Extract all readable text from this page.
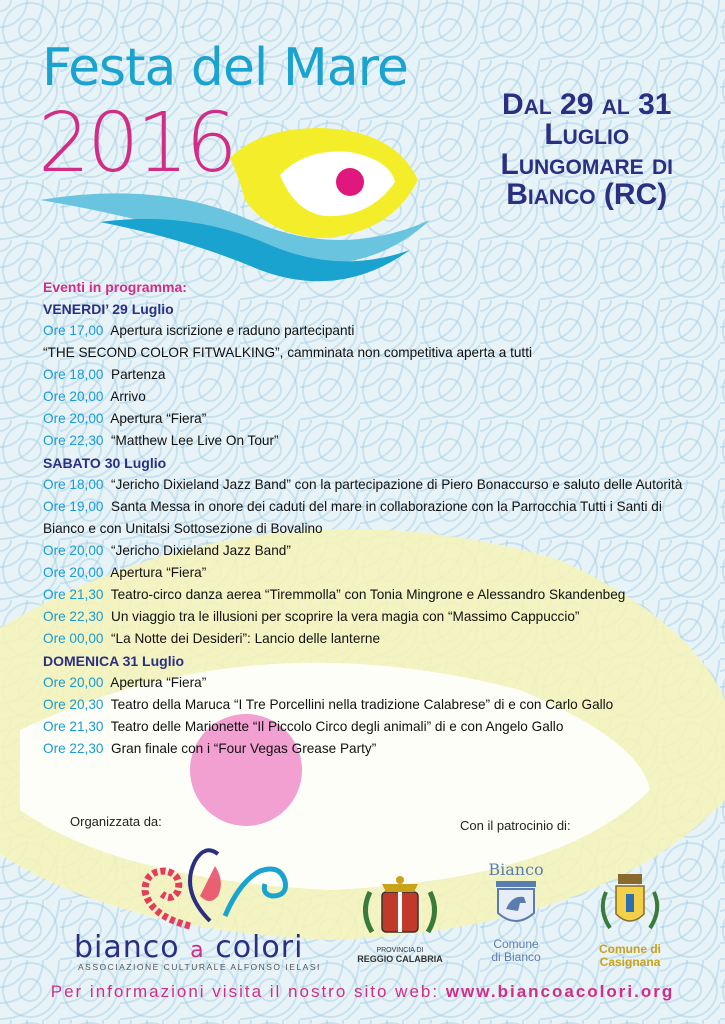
Festa del Mare
2016	Dal 29 al 31
Luglio
Lungomare di
Bianco (RC)
Eventi in programma:
VENERDI’ 29 Luglio
Ore 17,00 Apertura iscrizione e raduno partecipanti
“THE SECOND COLOR FITWALKING”, camminata non competitiva aperta a tutti
Ore 18,00 Partenza
Ore 20,00 Arrivo
Ore 20,00 Apertura “Fiera”
Ore 22,30 “Matthew Lee Live On Tour”
SABATO 30 Luglio
Ore 18,00 “Jericho Dixieland Jazz Band” con la partecipazione di Piero Bonaccurso e saluto delle Autorità
Ore 19,00 Santa Messa in onore dei caduti del mare in collaborazione con la Parrocchia Tutti i Santi di Bianco e con Unitalsi Sottosezione di Bovalino
Ore 20,00 “Jericho Dixieland Jazz Band”
Ore 20,00 Apertura “Fiera”
Ore 21,30 Teatro-circo danza aerea “Tiremmolla” con Tonia Mingrone e Alessandro Skandenbeg
Ore 22,30 Un viaggio tra le illusioni per scoprire la vera magia con “Massimo Cappuccio”
Ore 00,00 “La Notte dei Desideri”: Lancio delle lanterne
DOMENICA 31 Luglio
Ore 20,00 Apertura “Fiera”
Ore 20,30 Teatro della Maruca “I Tre Porcellini nella tradizione Calabrese” di e con Carlo Gallo
Ore 21,30 Teatro delle Marionette “Il Piccolo Circo degli animali” di e con Angelo Gallo
Ore 22,30 Gran finale con i “Four Vegas Grease Party”
Organizzata da:	Con il patrocinio di:
bianco a colori
ASSOCIAZIONE CULTURALE ALFONSO IELASI
PROVINCIA DI
REGGIO CALABRIA
Bianco
Comune
di Bianco
Comune di
Casignana
Per informazioni visita il nostro sito web: www.biancoacolori.org
